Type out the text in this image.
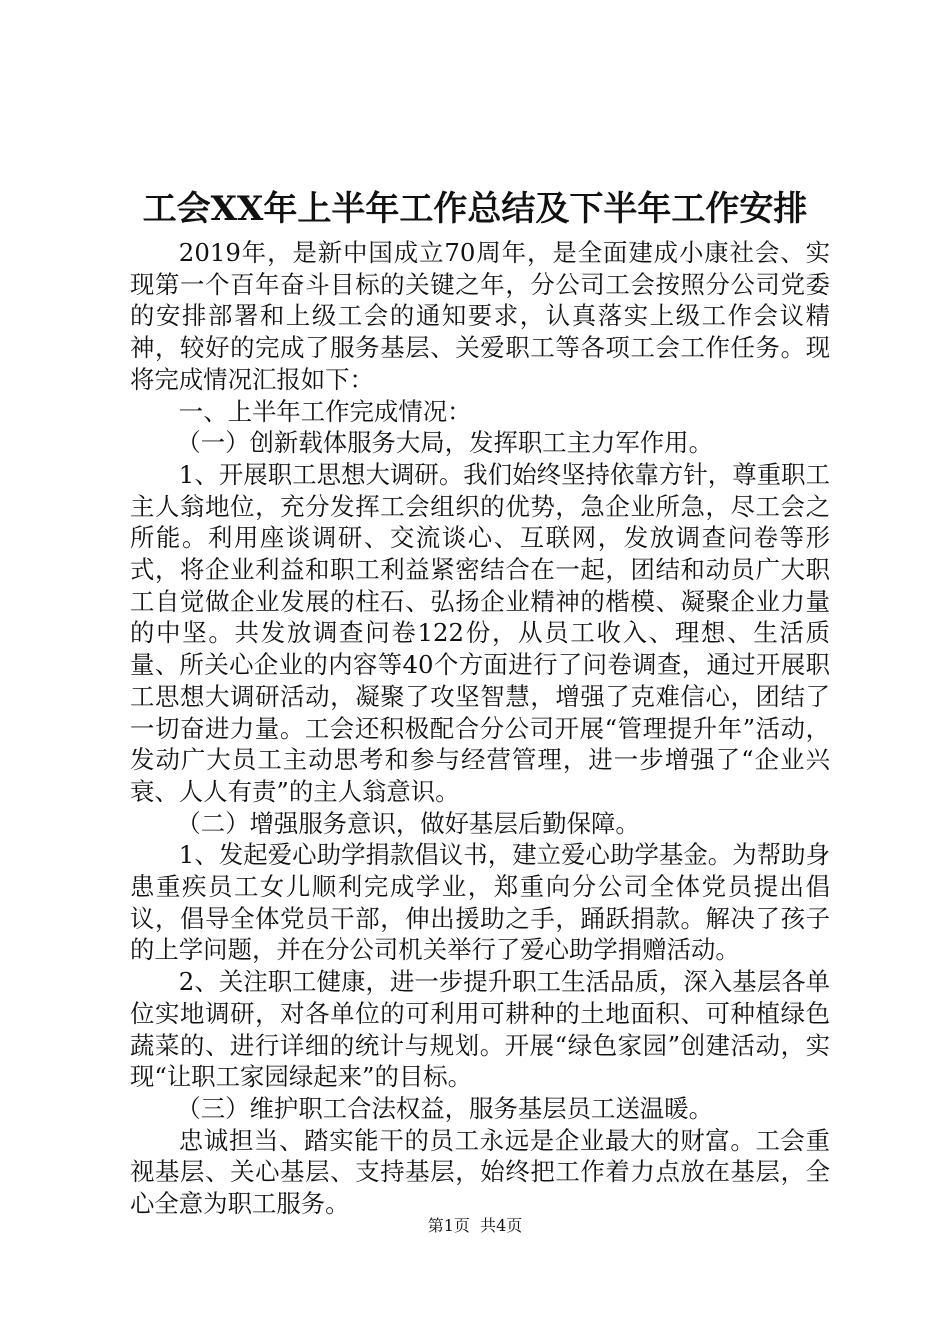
工会XX年上半年工作总结及下半年工作安排

2019年，是新中国成立70周年，是全面建成小康社会、实现第一个百年奋斗目标的关键之年，分公司工会按照分公司党委的安排部署和上级工会的通知要求，认真落实上级工作会议精神，较好的完成了服务基层、关爱职工等各项工会工作任务。现将完成情况汇报如下：

一、上半年工作完成情况：

（一）创新载体服务大局，发挥职工主力军作用。

1、开展职工思想大调研。我们始终坚持依靠方针，尊重职工主人翁地位，充分发挥工会组织的优势，急企业所急，尽工会之所能。利用座谈调研、交流谈心、互联网，发放调查问卷等形式，将企业利益和职工利益紧密结合在一起，团结和动员广大职工自觉做企业发展的柱石、弘扬企业精神的楷模、凝聚企业力量的中坚。共发放调查问卷122份，从员工收入、理想、生活质量、所关心企业的内容等40个方面进行了问卷调查，通过开展职工思想大调研活动，凝聚了攻坚智慧，增强了克难信心，团结了一切奋进力量。工会还积极配合分公司开展“管理提升年”活动，发动广大员工主动思考和参与经营管理，进一步增强了“企业兴衰、人人有责”的主人翁意识。

（二）增强服务意识，做好基层后勤保障。

1、发起爱心助学捐款倡议书，建立爱心助学基金。为帮助身患重疾员工女儿顺利完成学业，郑重向分公司全体党员提出倡议，倡导全体党员干部，伸出援助之手，踊跃捐款。解决了孩子的上学问题，并在分公司机关举行了爱心助学捐赠活动。

2、关注职工健康，进一步提升职工生活品质，深入基层各单位实地调研，对各单位的可利用可耕种的土地面积、可种植绿色蔬菜的、进行详细的统计与规划。开展“绿色家园”创建活动，实现“让职工家园绿起来”的目标。

（三）维护职工合法权益，服务基层员工送温暖。

忠诚担当、踏实能干的员工永远是企业最大的财富。工会重视基层、关心基层、支持基层，始终把工作着力点放在基层，全心全意为职工服务。

第1页  共4页
